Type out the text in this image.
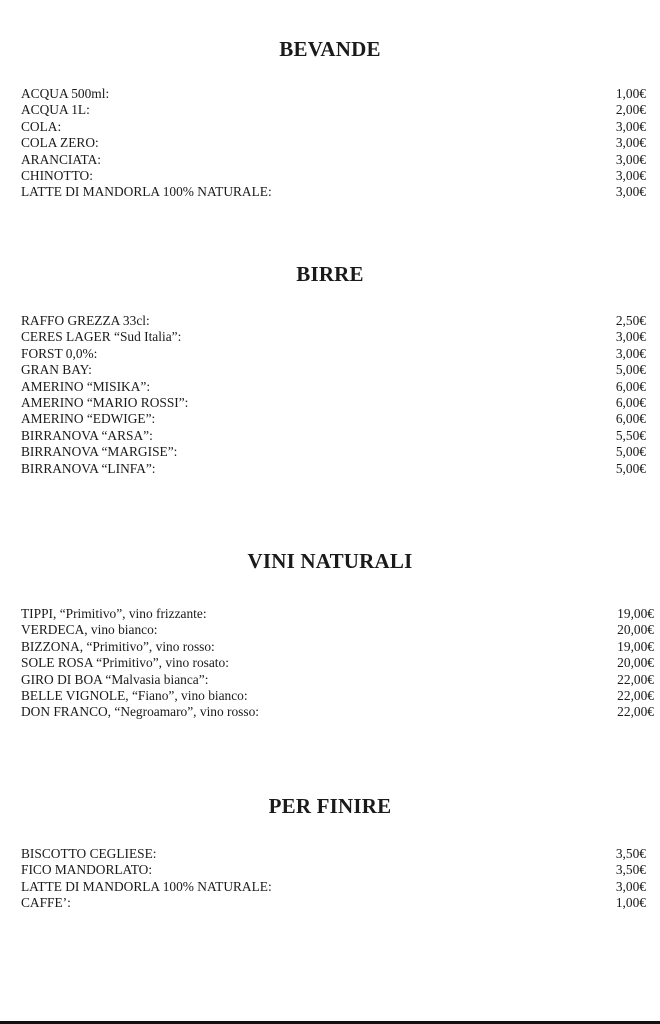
BEVANDE
ACQUA 500ml:	1,00€
ACQUA 1L:	2,00€
COLA:	3,00€
COLA ZERO:	3,00€
ARANCIATA:	3,00€
CHINOTTO:	3,00€
LATTE DI MANDORLA 100% NATURALE:	3,00€
BIRRE
RAFFO GREZZA 33cl:	2,50€
CERES LAGER “Sud Italia”:	3,00€
FORST 0,0%:	3,00€
GRAN BAY:	5,00€
AMERINO “MISIKA”:	6,00€
AMERINO “MARIO ROSSI”:	6,00€
AMERINO “EDWIGE”:	6,00€
BIRRANOVA “ARSA”:	5,50€
BIRRANOVA “MARGISE”:	5,00€
BIRRANOVA “LINFA”:	5,00€
VINI NATURALI
TIPPI, “Primitivo”, vino frizzante:	19,00€
VERDECA, vino bianco:	20,00€
BIZZONA, “Primitivo”, vino rosso:	19,00€
SOLE ROSA “Primitivo”, vino rosato:	20,00€
GIRO DI BOA “Malvasia bianca”:	22,00€
BELLE VIGNOLE, “Fiano”, vino bianco:	22,00€
DON FRANCO, “Negroamaro”, vino rosso:	22,00€
PER FINIRE
BISCOTTO CEGLIESE:	3,50€
FICO MANDORLATO:	3,50€
LATTE DI MANDORLA 100% NATURALE:	3,00€
CAFFE’:	1,00€
